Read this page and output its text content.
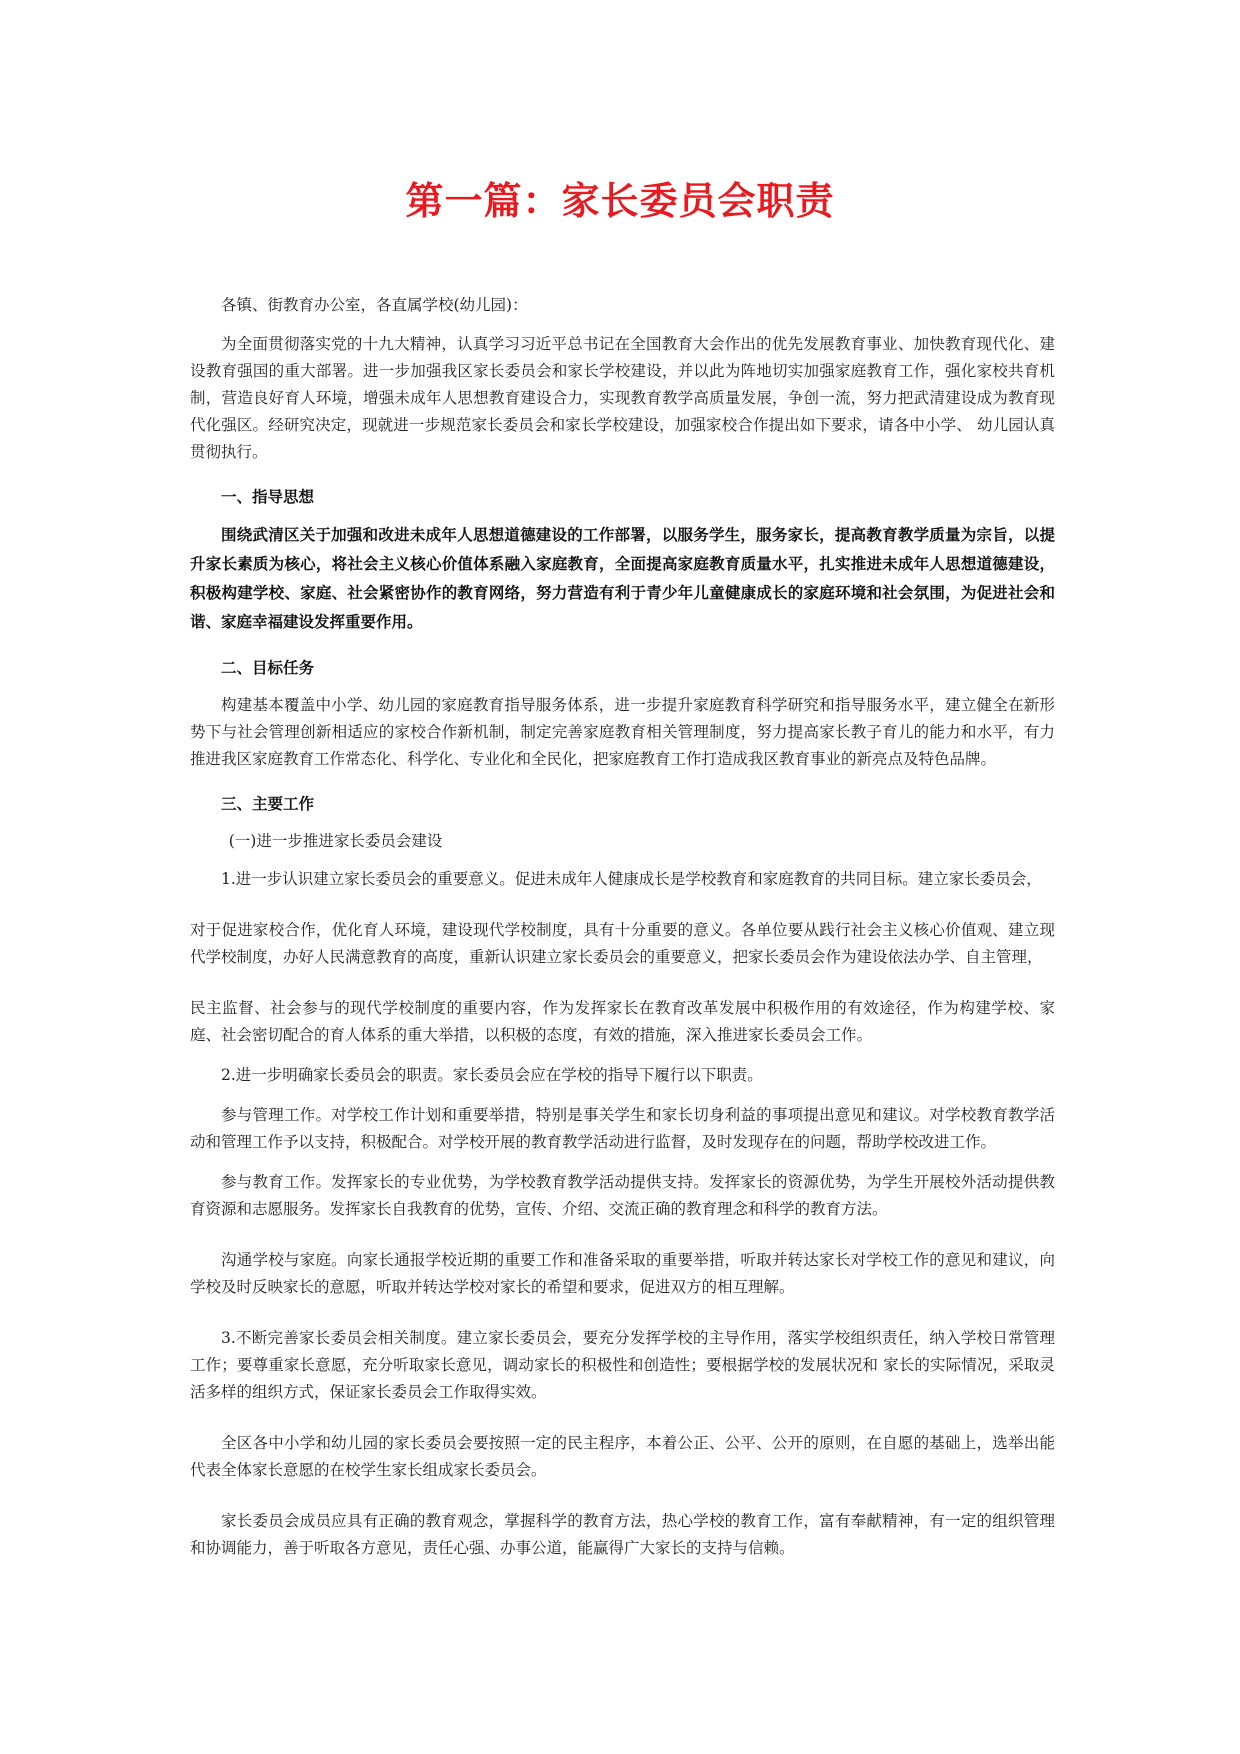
第一篇：家长委员会职责

各镇、街教育办公室，各直属学校(幼儿园)：

为全面贯彻落实党的十九大精神，认真学习习近平总书记在全国教育大会作出的优先发展教育事业、加快教育现代化、建设教育强国的重大部署。进一步加强我区家长委员会和家长学校建设，并以此为阵地切实加强家庭教育工作，强化家校共育机制，营造良好育人环境，增强未成年人思想教育建设合力，实现教育教学高质量发展，争创一流，努力把武清建设成为教育现代化强区。经研究决定，现就进一步规范家长委员会和家长学校建设，加强家校合作提出如下要求，请各中小学、 幼儿园认真贯彻执行。

一、指导思想

围绕武清区关于加强和改进未成年人思想道德建设的工作部署，以服务学生，服务家长，提高教育教学质量为宗旨，以提升家长素质为核心，将社会主义核心价值体系融入家庭教育，全面提高家庭教育质量水平，扎实推进未成年人思想道德建设， 积极构建学校、家庭、社会紧密协作的教育网络，努力营造有利于青少年儿童健康成长的家庭环境和社会氛围，为促进社会和 谐、家庭幸福建设发挥重要作用。

二、目标任务

构建基本覆盖中小学、幼儿园的家庭教育指导服务体系，进一步提升家庭教育科学研究和指导服务水平，建立健全在新形势下与社会管理创新相适应的家校合作新机制，制定完善家庭教育相关管理制度，努力提高家长教子育儿的能力和水平，有力推进我区家庭教育工作常态化、科学化、专业化和全民化，把家庭教育工作打造成我区教育事业的新亮点及特色品牌。

三、主要工作

(一)进一步推进家长委员会建设

1.进一步认识建立家长委员会的重要意义。促进未成年人健康成长是学校教育和家庭教育的共同目标。建立家长委员会，

对于促进家校合作，优化育人环境，建设现代学校制度，具有十分重要的意义。各单位要从践行社会主义核心价值观、建立现 代学校制度，办好人民满意教育的高度，重新认识建立家长委员会的重要意义，把家长委员会作为建设依法办学、自主管理，

民主监督、社会参与的现代学校制度的重要内容，作为发挥家长在教育改革发展中积极作用的有效途径，作为构建学校、家庭、社会密切配合的育人体系的重大举措，以积极的态度，有效的措施，深入推进家长委员会工作。

2.进一步明确家长委员会的职责。家长委员会应在学校的指导下履行以下职责。

参与管理工作。对学校工作计划和重要举措，特别是事关学生和家长切身利益的事项提出意见和建议。对学校教育教学活 动和管理工作予以支持，积极配合。对学校开展的教育教学活动进行监督，及时发现存在的问题，帮助学校改进工作。

参与教育工作。发挥家长的专业优势，为学校教育教学活动提供支持。发挥家长的资源优势，为学生开展校外活动提供教 育资源和志愿服务。发挥家长自我教育的优势，宣传、介绍、交流正确的教育理念和科学的教育方法。

沟通学校与家庭。向家长通报学校近期的重要工作和准备采取的重要举措，听取并转达家长对学校工作的意见和建议，向 学校及时反映家长的意愿，听取并转达学校对家长的希望和要求，促进双方的相互理解。

3.不断完善家长委员会相关制度。建立家长委员会，要充分发挥学校的主导作用，落实学校组织责任，纳入学校日常管理工作；要尊重家长意愿，充分听取家长意见，调动家长的积极性和创造性；要根据学校的发展状况和 家长的实际情况，采取灵 活多样的组织方式，保证家长委员会工作取得实效。

全区各中小学和幼儿园的家长委员会要按照一定的民主程序，本着公正、公平、公开的原则，在自愿的基础上，选举出能 代表全体家长意愿的在校学生家长组成家长委员会。

家长委员会成员应具有正确的教育观念，掌握科学的教育方法，热心学校的教育工作，富有奉献精神，有一定的组织管理 和协调能力，善于听取各方意见，责任心强、办事公道，能赢得广大家长的支持与信赖。
